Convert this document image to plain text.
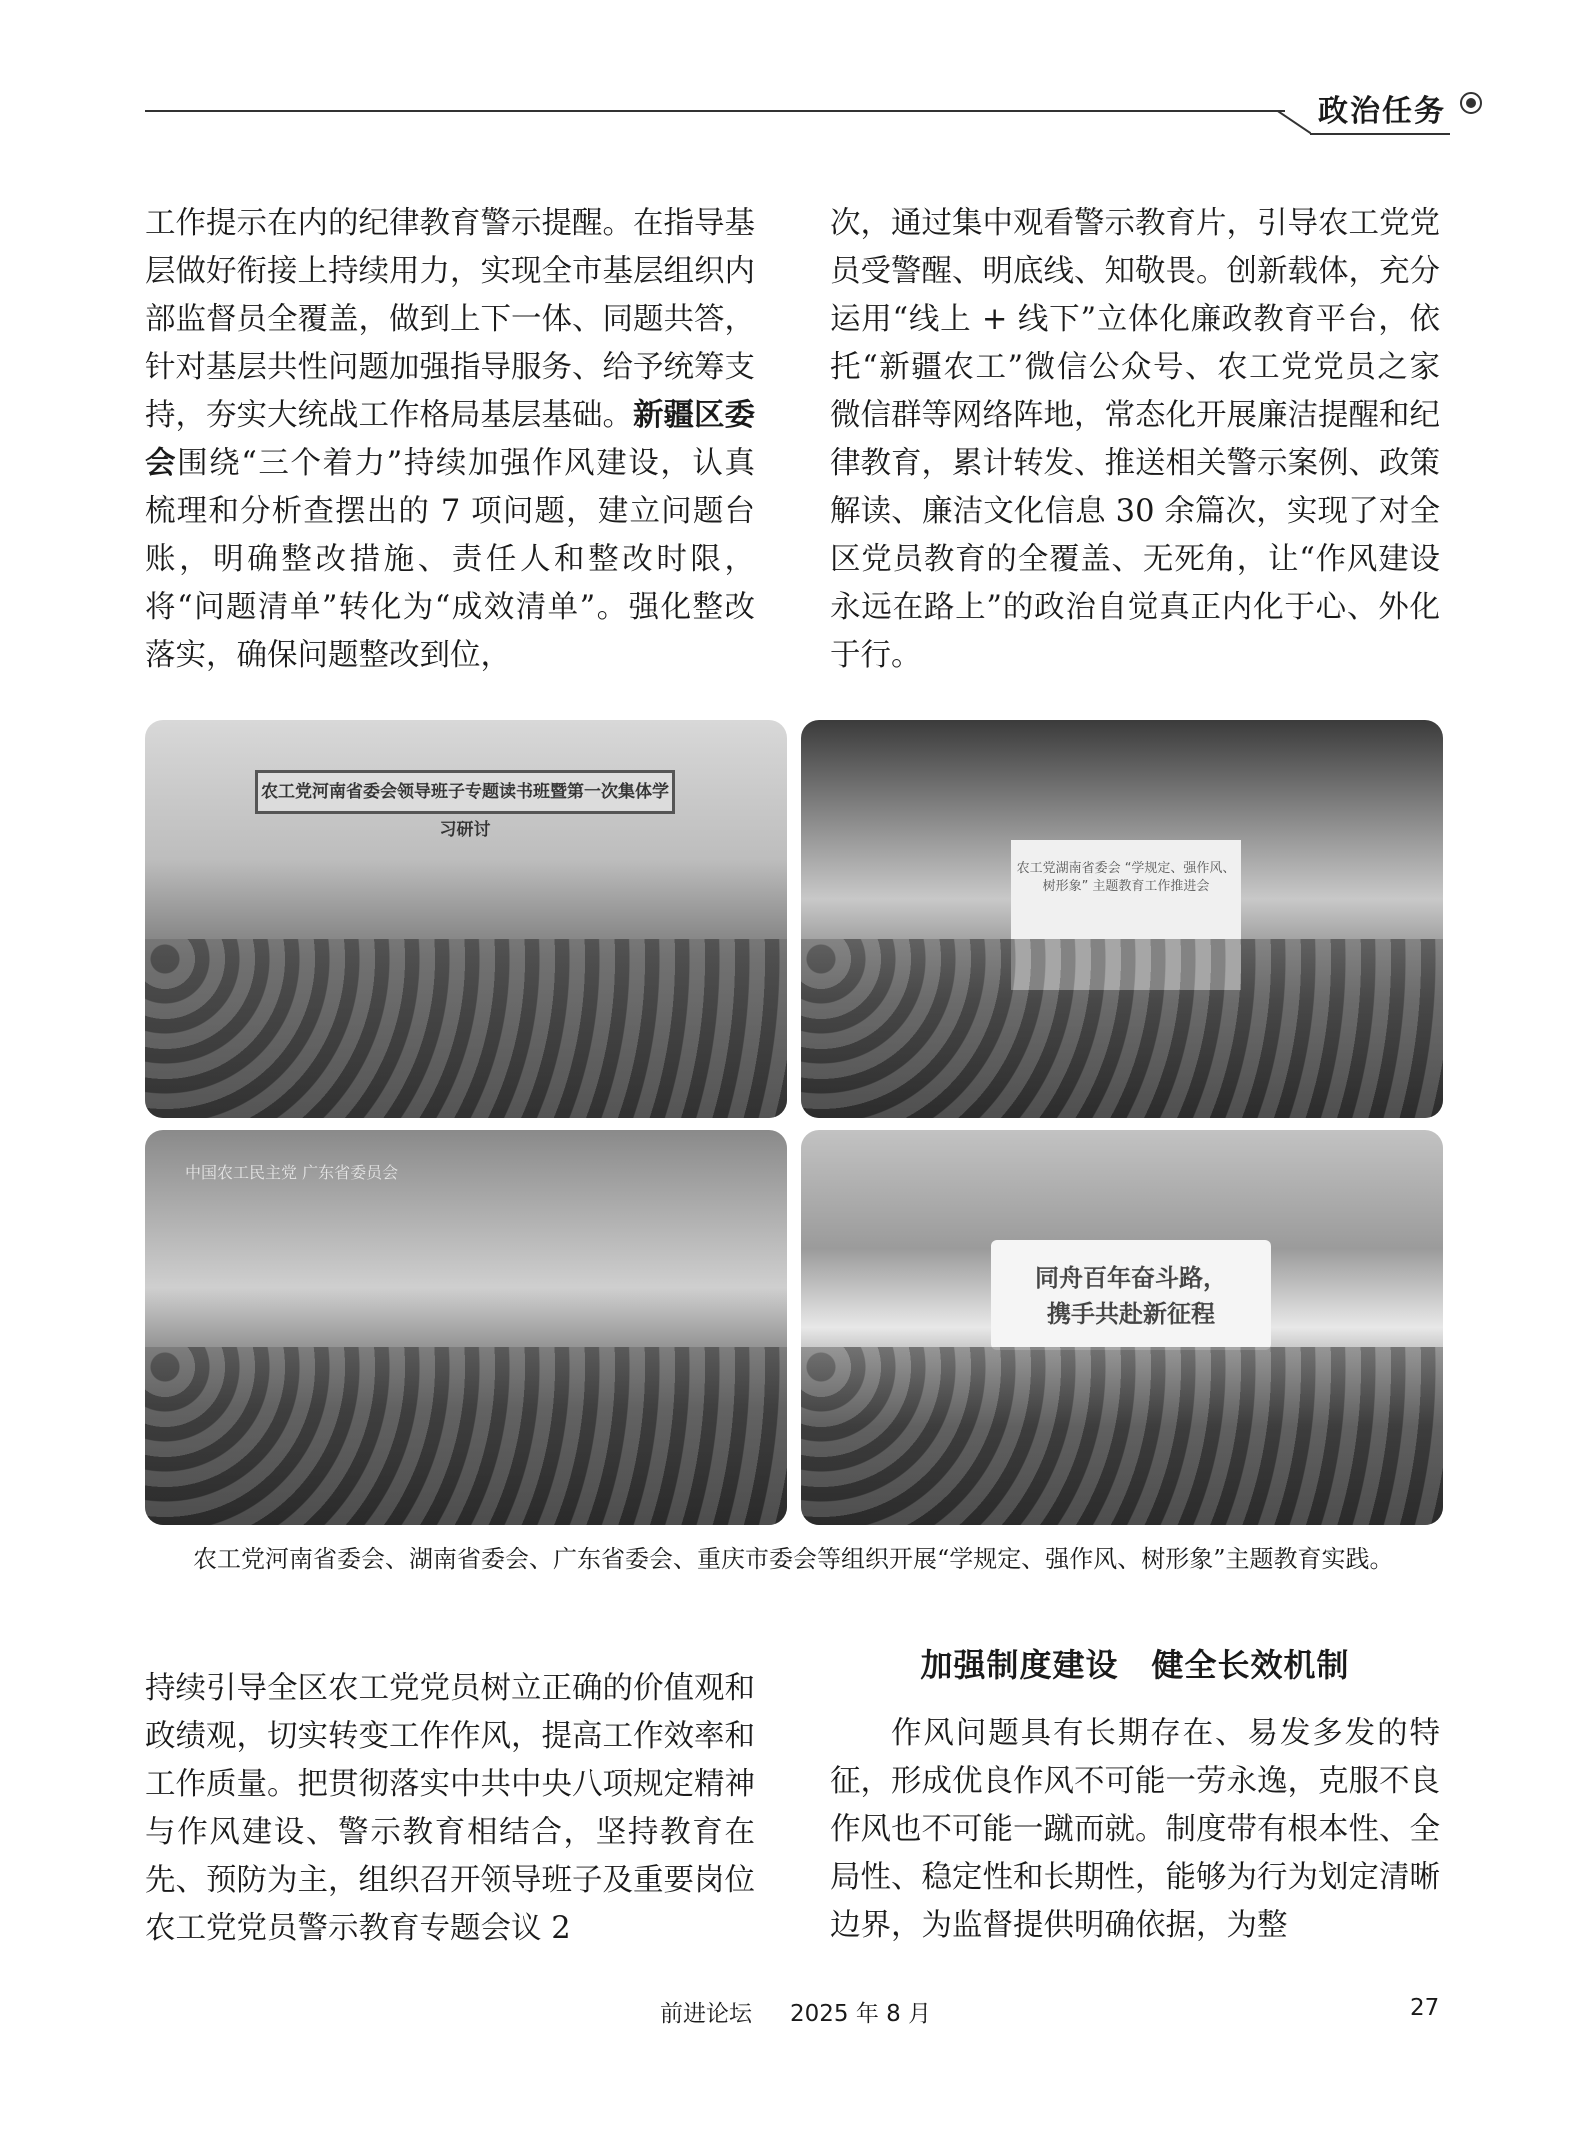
政治任务

工作提示在内的纪律教育警示提醒。在指导基层做好衔接上持续用力，实现全市基层组织内部监督员全覆盖，做到上下一体、同题共答，针对基层共性问题加强指导服务、给予统筹支持，夯实大统战工作格局基层基础。新疆区委会围绕“三个着力”持续加强作风建设，认真梳理和分析查摆出的 7 项问题，建立问题台账，明确整改措施、责任人和整改时限，将“问题清单”转化为“成效清单”。强化整改落实，确保问题整改到位，

次，通过集中观看警示教育片，引导农工党党员受警醒、明底线、知敬畏。创新载体，充分运用“线上 + 线下”立体化廉政教育平台，依托“新疆农工”微信公众号、农工党党员之家微信群等网络阵地，常态化开展廉洁提醒和纪律教育，累计转发、推送相关警示案例、政策解读、廉洁文化信息 30 余篇次，实现了对全区党员教育的全覆盖、无死角，让“作风建设永远在路上”的政治自觉真正内化于心、外化于行。

农工党河南省委会领导班子专题读书班暨第一次集体学习研讨
农工党湖南省委会 “学规定、强作风、树形象” 主题教育工作推进会
中国农工民主党 广东省委员会
同舟百年奋斗路，
携手共赴新征程
农工党河南省委会、湖南省委会、广东省委会、重庆市委会等组织开展“学规定、强作风、树形象”主题教育实践。

持续引导全区农工党党员树立正确的价值观和政绩观，切实转变工作作风，提高工作效率和工作质量。把贯彻落实中共中央八项规定精神与作风建设、警示教育相结合，坚持教育在先、预防为主，组织召开领导班子及重要岗位农工党党员警示教育专题会议 2

加强制度建设　健全长效机制

作风问题具有长期存在、易发多发的特征，形成优良作风不可能一劳永逸，克服不良作风也不可能一蹴而就。制度带有根本性、全局性、稳定性和长期性，能够为行为划定清晰边界，为监督提供明确依据，为整

前进论坛 2025 年 8 月	27
